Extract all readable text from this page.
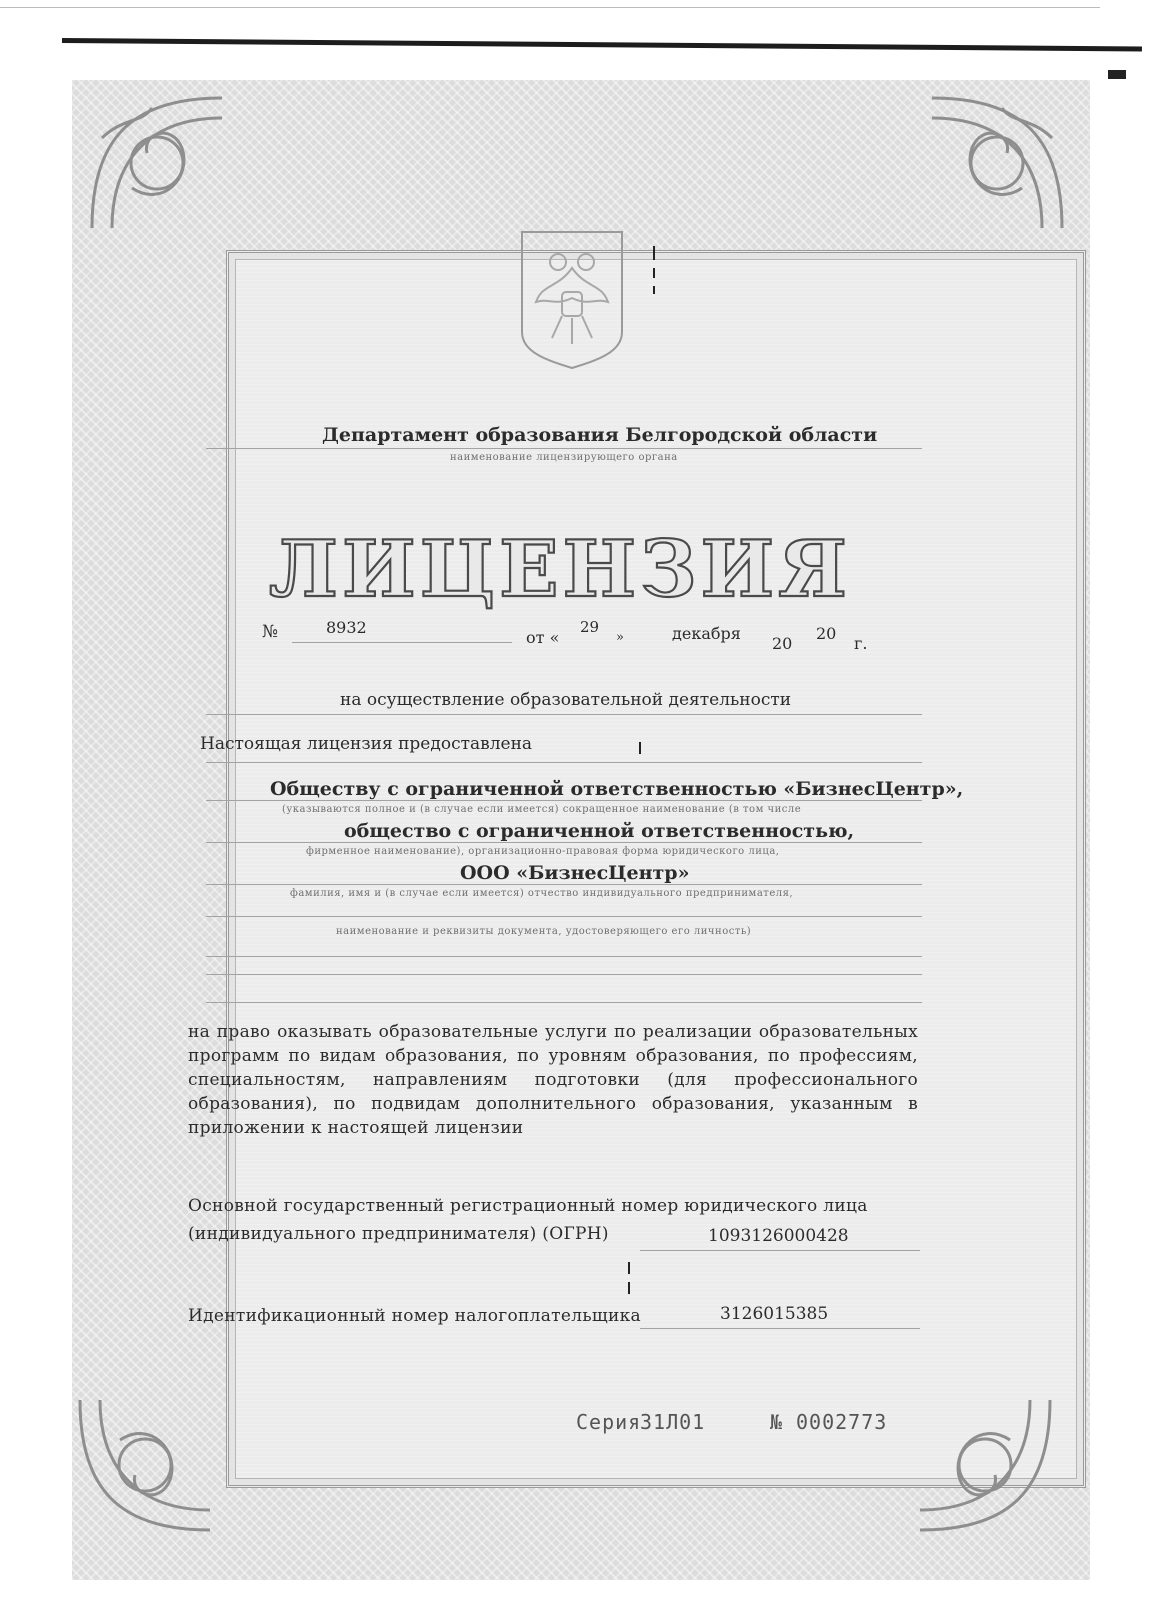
Департамент образования Белгородской области
наименование лицензирующего органа
ЛИЦЕНЗИЯ
№	8932
от «
29
»	декабря
20
20
г.
на осуществление образовательной деятельности
Настоящая лицензия предоставлена
Обществу с ограниченной ответственностью «БизнесЦентр»,
(указываются полное и (в случае если имеется) сокращенное наименование (в том числе
общество с ограниченной ответственностью,
фирменное наименование), организационно-правовая форма юридического лица,
ООО «БизнесЦентр»
фамилия, имя и (в случае если имеется) отчество индивидуального предпринимателя,
наименование и реквизиты документа, удостоверяющего его личность)
на право оказывать образовательные услуги по реализации образовательных программ по видам образования, по уровням образования, по профессиям, специальностям, направлениям подготовки (для профессионального образования), по подвидам дополнительного образования, указанным в приложении к настоящей лицензии
Основной государственный регистрационный номер юридического лица
(индивидуального предпринимателя) (ОГРН)	1093126000428
Идентификационный номер налогоплательщика	3126015385
Серия
31Л01	№ 0002773
